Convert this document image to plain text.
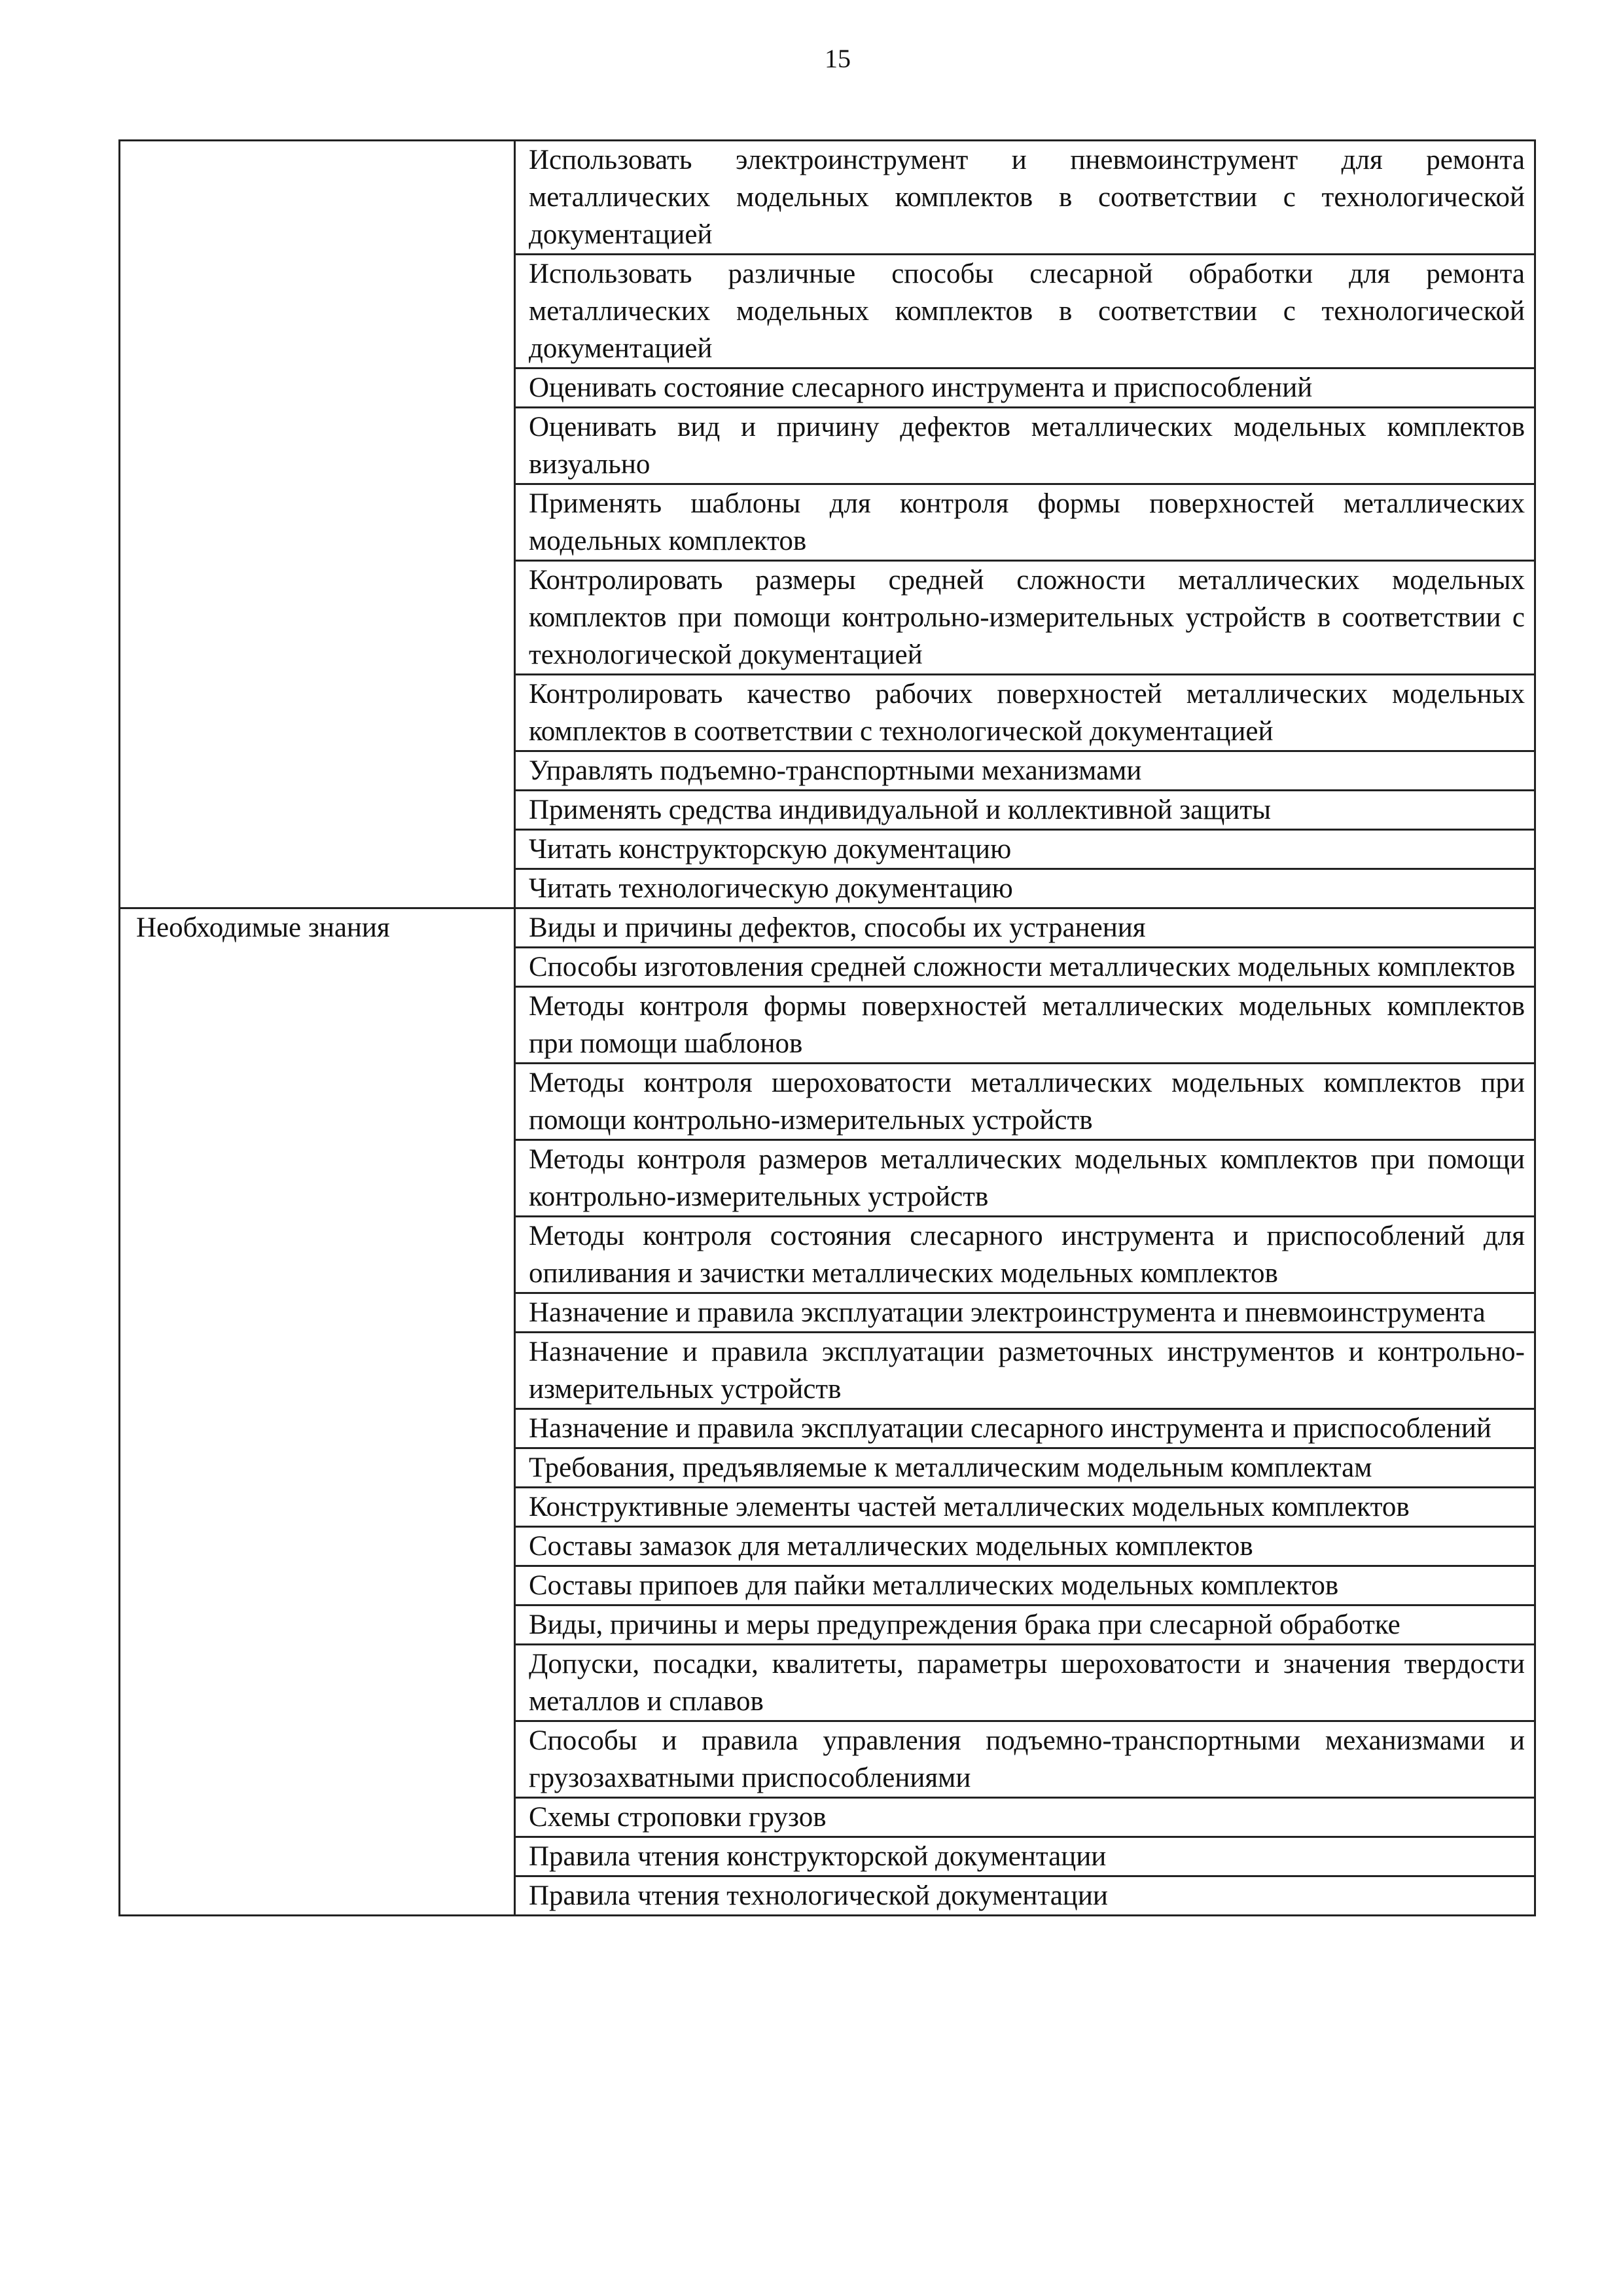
15
	Использовать электроинструмент и пневмоинструмент для ремонта металлических модельных комплектов в соответствии с технологической документацией
	Использовать различные способы слесарной обработки для ремонта металлических модельных комплектов в соответствии с технологической документацией
	Оценивать состояние слесарного инструмента и приспособлений
	Оценивать вид и причину дефектов металлических модельных комплектов визуально
	Применять шаблоны для контроля формы поверхностей металлических модельных комплектов
	Контролировать размеры средней сложности металлических модельных комплектов при помощи контрольно-измерительных устройств в соответствии с технологической документацией
	Контролировать качество рабочих поверхностей металлических модельных комплектов в соответствии с технологической документацией
	Управлять подъемно-транспортными механизмами
	Применять средства индивидуальной и коллективной защиты
	Читать конструкторскую документацию
	Читать технологическую документацию
Необходимые знания	Виды и причины дефектов, способы их устранения
	Способы изготовления средней сложности металлических модельных комплектов
	Методы контроля формы поверхностей металлических модельных комплектов при помощи шаблонов
	Методы контроля шероховатости металлических модельных комплектов при помощи контрольно-измерительных устройств
	Методы контроля размеров металлических модельных комплектов при помощи контрольно-измерительных устройств
	Методы контроля состояния слесарного инструмента и приспособлений для опиливания и зачистки металлических модельных комплектов
	Назначение и правила эксплуатации электроинструмента и пневмоинструмента
	Назначение и правила эксплуатации разметочных инструментов и контрольно-измерительных устройств
	Назначение и правила эксплуатации слесарного инструмента и приспособлений
	Требования, предъявляемые к металлическим модельным комплектам
	Конструктивные элементы частей металлических модельных комплектов
	Составы замазок для металлических модельных комплектов
	Составы припоев для пайки металлических модельных комплектов
	Виды, причины и меры предупреждения брака при слесарной обработке
	Допуски, посадки, квалитеты, параметры шероховатости и значения твердости металлов и сплавов
	Способы и правила управления подъемно-транспортными механизмами и грузозахватными приспособлениями
	Схемы строповки грузов
	Правила чтения конструкторской документации
	Правила чтения технологической документации
